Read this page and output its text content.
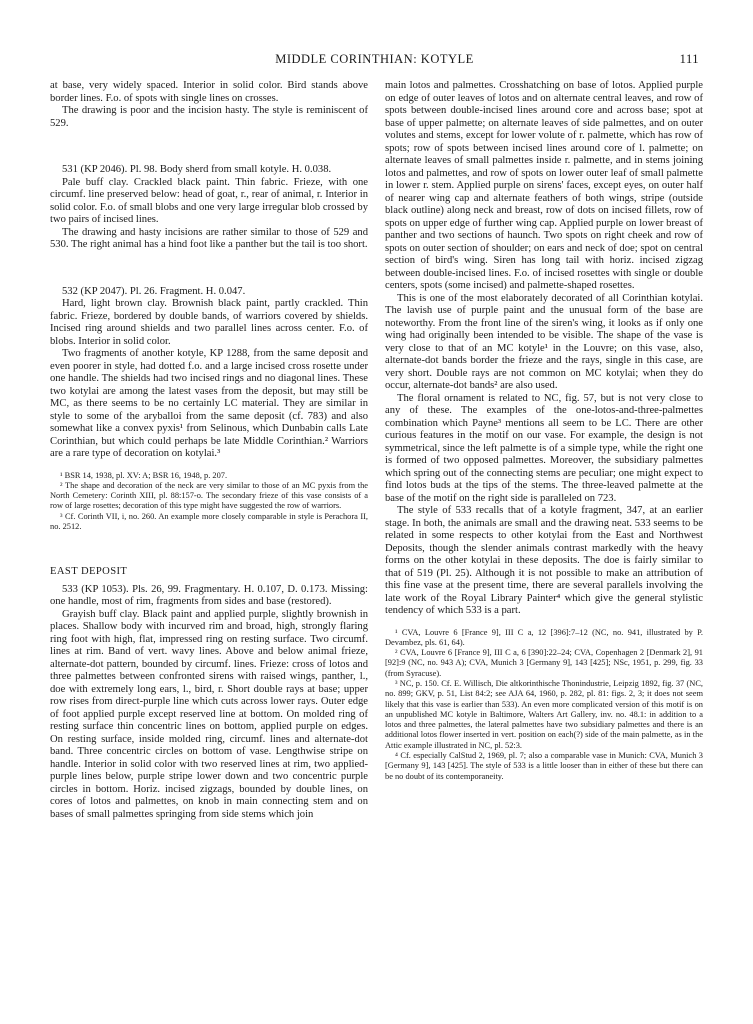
MIDDLE CORINTHIAN: KOTYLE	111

at base, very widely spaced. Interior in solid color. Bird stands above border lines. F.o. of spots with single lines on crosses.

The drawing is poor and the incision hasty. The style is reminiscent of 529.

531 (KP 2046). Pl. 98. Body sherd from small kotyle. H. 0.038.

Pale buff clay. Crackled black paint. Thin fabric. Frieze, with one circumf. line preserved below: head of goat, r., rear of animal, r. Interior in solid color. F.o. of small blobs and one very large irregular blob crossed by two pairs of incised lines.

The drawing and hasty incisions are rather similar to those of 529 and 530. The right animal has a hind foot like a panther but the tail is too short.

532 (KP 2047). Pl. 26. Fragment. H. 0.047.

Hard, light brown clay. Brownish black paint, partly crackled. Thin fabric. Frieze, bordered by double bands, of warriors covered by shields. Incised ring around shields and two parallel lines across center. F.o. of blobs. Interior in solid color.

Two fragments of another kotyle, KP 1288, from the same deposit and even poorer in style, had dotted f.o. and a large incised cross rosette under one handle. The shields had two incised rings and no diagonal lines. These two kotylai are among the latest vases from the deposit, but may still be MC, as there seems to be no certainly LC material. They are similar in style to some of the aryballoi from the same deposit (cf. 783) and also somewhat like a convex pyxis¹ from Selinous, which Dunbabin calls Late Corinthian, but which could perhaps be late Middle Corinthian.² Warriors are a rare type of decoration on kotylai.³

¹ BSR 14, 1938, pl. XV: A; BSR 16, 1948, p. 207.

² The shape and decoration of the neck are very similar to those of an MC pyxis from the North Cemetery: Corinth XIII, pl. 88:157-o. The secondary frieze of this vase consists of a row of large rosettes; decoration of this type might have suggested the row of warriors.

³ Cf. Corinth VII, i, no. 260. An example more closely comparable in style is Perachora II, no. 2512.

EAST DEPOSIT

533 (KP 1053). Pls. 26, 99. Fragmentary. H. 0.107, D. 0.173. Missing: one handle, most of rim, fragments from sides and base (restored).

Grayish buff clay. Black paint and applied purple, slightly brownish in places. Shallow body with incurved rim and broad, high, strongly flaring ring foot with high, flat, impressed ring on resting surface. Two circumf. lines at rim. Band of vert. wavy lines. Above and below animal frieze, alternate-dot pattern, bounded by circumf. lines. Frieze: cross of lotos and three palmettes between confronted sirens with raised wings, panther, l., doe with extremely long ears, l., bird, r. Short double rays at base; upper row rises from direct-purple line which cuts across lower rays. Outer edge of foot applied purple except reserved line at bottom. On molded ring of resting surface thin concentric lines on bottom, applied purple on edges. On resting surface, inside molded ring, circumf. lines and alternate-dot band. Three concentric circles on bottom of vase. Lengthwise stripe on handle. Interior in solid color with two reserved lines at rim, two applied-purple lines below, purple stripe lower down and two concentric purple circles in bottom. Horiz. incised zigzags, bounded by double lines, on cores of lotos and palmettes, on knob in main connecting stem and on bases of small palmettes springing from side stems which join

main lotos and palmettes. Crosshatching on base of lotos. Applied purple on edge of outer leaves of lotos and on alternate central leaves, and row of spots between double-incised lines around core and across base; spot at base of upper palmette; on alternate leaves of side palmettes, and on outer volutes and stems, except for lower volute of r. palmette, which has row of spots; row of spots between incised lines around core of l. palmette; on alternate leaves of small palmettes inside r. palmette, and in stems joining lotos and palmettes, and row of spots on lower outer leaf of small palmette in lower r. stem. Applied purple on sirens' faces, except eyes, on outer half of nearer wing cap and alternate feathers of both wings, stripe (outside black outline) along neck and breast, row of dots on incised fillets, row of spots on upper edge of further wing cap. Applied purple on lower breast of panther and two sections of haunch. Two spots on right cheek and row of spots on outer section of shoulder; on ears and neck of doe; spot on central section of bird's wing. Siren has long tail with horiz. incised zigzag between double-incised lines. F.o. of incised rosettes with single or double centers, spots (some incised) and palmette-shaped rosettes.

This is one of the most elaborately decorated of all Corinthian kotylai. The lavish use of purple paint and the unusual form of the base are noteworthy. From the front line of the siren's wing, it looks as if only one wing had originally been intended to be visible. The shape of the vase is very close to that of an MC kotyle¹ in the Louvre; on this vase, also, alternate-dot bands border the frieze and the rays, single in this case, are very short. Double rays are not common on MC kotylai; when they do occur, alternate-dot bands² are also used.

The floral ornament is related to NC, fig. 57, but is not very close to any of these. The examples of the one-lotos-and-three-palmettes combination which Payne³ mentions all seem to be LC. There are other curious features in the motif on our vase. For example, the design is not symmetrical, since the left palmette is of a simple type, while the right one is formed of two opposed palmettes. Moreover, the subsidiary palmettes which spring out of the connecting stems are peculiar; one might expect to find lotos buds at the tips of the stems. The three-leaved palmette at the base of the motif on the right side is paralleled on 723.

The style of 533 recalls that of a kotyle fragment, 347, at an earlier stage. In both, the animals are small and the drawing neat. 533 seems to be related in some respects to other kotylai from the East and Northwest Deposits, though the slender animals contrast markedly with the heavy forms on the other kotylai in these deposits. The doe is fairly similar to that of 519 (Pl. 25). Although it is not possible to make an attribution of this fine vase at the present time, there are several parallels involving the late work of the Royal Library Painter⁴ which give the general stylistic tendency of which 533 is a part.

¹ CVA, Louvre 6 [France 9], III C a, 12 [396]:7–12 (NC, no. 941, illustrated by P. Devambez, pls. 61, 64).

² CVA, Louvre 6 [France 9], III C a, 6 [390]:22–24; CVA, Copenhagen 2 [Denmark 2], 91 [92]:9 (NC, no. 943 A); CVA, Munich 3 [Germany 9], 143 [425]; NSc, 1951, p. 299, fig. 33 (from Syracuse).

³ NC, p. 150. Cf. E. Willisch, Die altkorinthische Thonindustrie, Leipzig 1892, fig. 37 (NC, no. 899; GKV, p. 51, List 84:2; see AJA 64, 1960, p. 282, pl. 81: figs. 2, 3; it does not seem likely that this vase is earlier than 533). An even more complicated version of this motif is on an unpublished MC kotyle in Baltimore, Walters Art Gallery, inv. no. 48.1: in addition to a lotos and three palmettes, the lateral palmettes have two subsidiary palmettes and there is an additional lotos flower inserted in vert. position on each(?) side of the main palmette, as in the Attic example illustrated in NC, pl. 52:3.

⁴ Cf. especially CalStud 2, 1969, pl. 7; also a comparable vase in Munich: CVA, Munich 3 [Germany 9], 143 [425]. The style of 533 is a little looser than in either of these but there can be no doubt of its contemporaneity.
